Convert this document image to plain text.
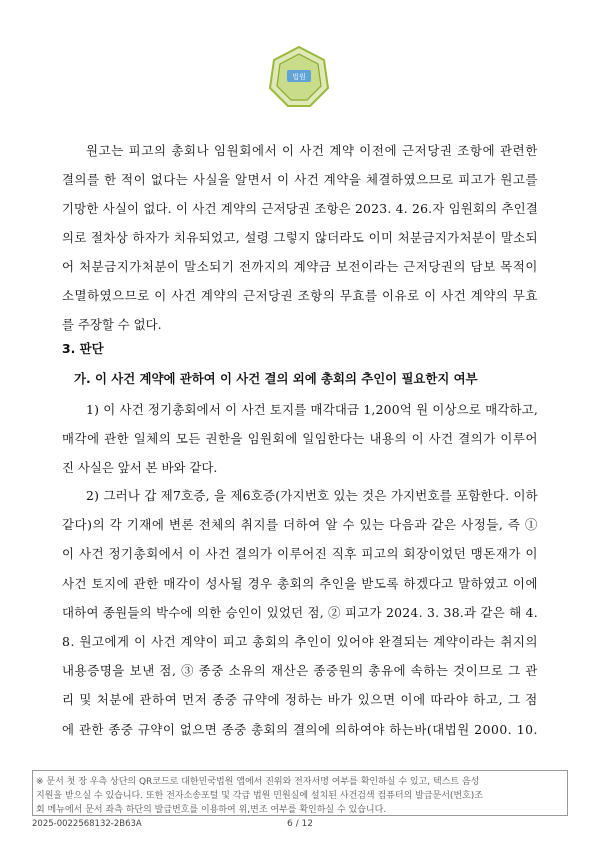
법원
원고는 피고의 총회나 임원회에서 이 사건 계약 이전에 근저당권 조항에 관련한
결의를 한 적이 없다는 사실을 알면서 이 사건 계약을 체결하였으므로 피고가 원고를
기망한 사실이 없다. 이 사건 계약의 근저당권 조항은 2023. 4. 26.자 임원회의 추인결
의로 절차상 하자가 치유되었고, 설령 그렇지 않더라도 이미 처분금지가처분이 말소되
어 처분금지가처분이 말소되기 전까지의 계약금 보전이라는 근저당권의 담보 목적이
소멸하였으므로 이 사건 계약의 근저당권 조항의 무효를 이유로 이 사건 계약의 무효
를 주장할 수 없다.
3. 판단
가. 이 사건 계약에 관하여 이 사건 결의 외에 총회의 추인이 필요한지 여부
1) 이 사건 정기총회에서 이 사건 토지를 매각대금 1,200억 원 이상으로 매각하고,
매각에 관한 일체의 모든 권한을 임원회에 일임한다는 내용의 이 사건 결의가 이루어
진 사실은 앞서 본 바와 같다.
2) 그러나 갑 제7호증, 을 제6호증(가지번호 있는 것은 가지번호를 포함한다. 이하
같다)의 각 기재에 변론 전체의 취지를 더하여 알 수 있는 다음과 같은 사정들, 즉 ①
이 사건 정기총회에서 이 사건 결의가 이루어진 직후 피고의 회장이었던 맹돈재가 이
사건 토지에 관한 매각이 성사될 경우 총회의 추인을 받도록 하겠다고 말하였고 이에
대하여 종원들의 박수에 의한 승인이 있었던 점, ② 피고가 2024. 3. 38.과 같은 해 4.
8. 원고에게 이 사건 계약이 피고 총회의 추인이 있어야 완결되는 계약이라는 취지의
내용증명을 보낸 점, ③ 종중 소유의 재산은 종중원의 총유에 속하는 것이므로 그 관
리 및 처분에 관하여 먼저 종중 규약에 정하는 바가 있으면 이에 따라야 하고, 그 점
에 관한 종중 규약이 없으면 종중 총회의 결의에 의하여야 하는바(대법원 2000. 10.
※ 문서 첫 장 우측 상단의 QR코드로 대한민국법원 앱에서 진위와 전자서명 여부를 확인하실 수 있고, 텍스트 음성
지원을 받으실 수 있습니다. 또한 전자소송포털 및 각급 법원 민원실에 설치된 사건검색 컴퓨터의 발급문서(번호)조
회 메뉴에서 문서 좌측 하단의 발급번호를 이용하여 위,변조 여부를 확인하실 수 있습니다.
2025-0022568132-2B63A	6 / 12
